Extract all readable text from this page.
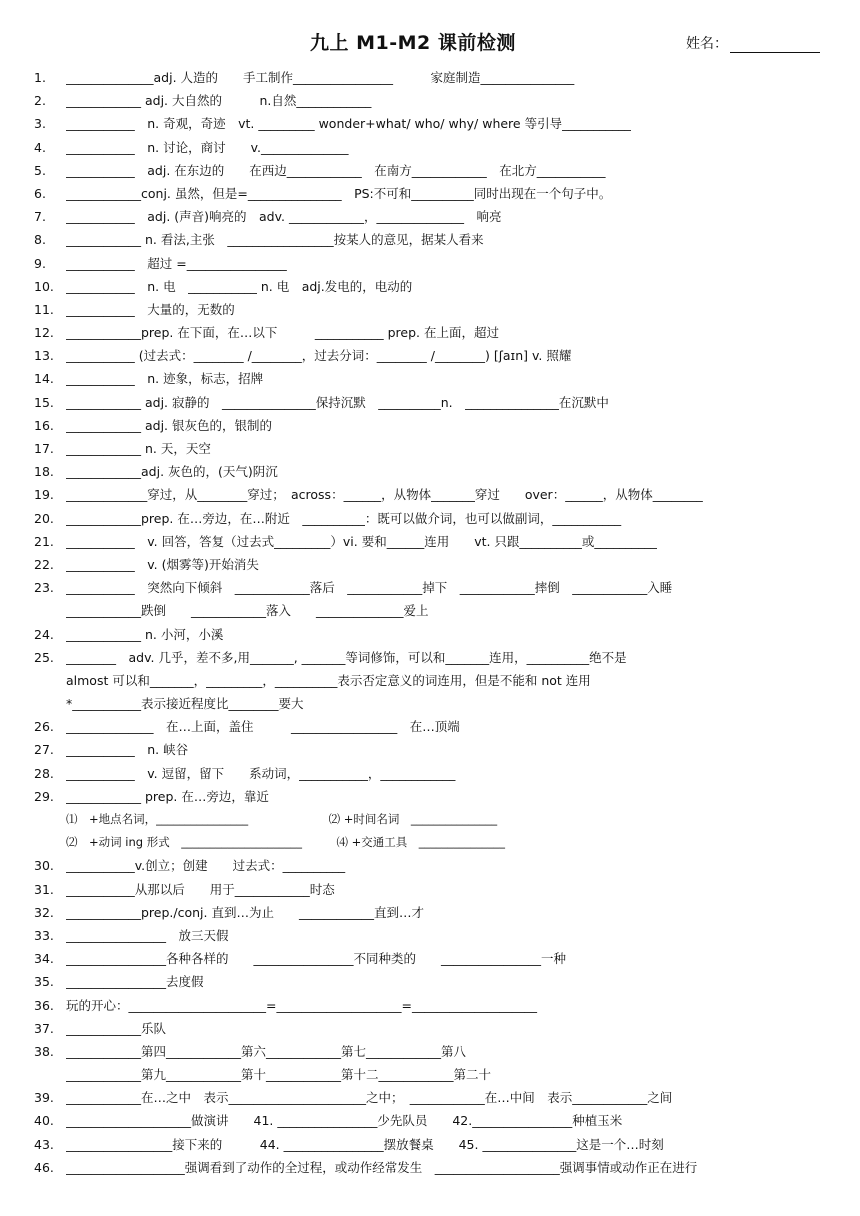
九上 M1-M2 课前检测	姓名：
1.	______________adj. 人造的　　手工制作________________　　　家庭制造_______________
2.	____________ adj. 大自然的　　　n.自然____________
3.	___________　n. 奇观，奇迹　vt. _________ wonder+what/ who/ why/ where 等引导___________
4.	___________　n. 讨论，商讨　　v.______________
5.	___________　adj. 在东边的　　在西边____________　在南方____________　在北方___________
6.	____________conj. 虽然，但是=_______________　PS:不可和__________同时出现在一个句子中。
7.	___________　adj. (声音)响亮的　adv. ____________，______________　响亮
8.	____________ n. 看法,主张　_________________按某人的意见，据某人看来
9.	___________　超过 =________________
10. ___________　n. 电　___________ n. 电　adj.发电的，电动的
11. ___________　大量的，无数的
12. ____________prep. 在下面，在…以下　　　___________ prep. 在上面，超过
13. ___________ (过去式：________ /________，过去分词：________ /________) [ʃaɪn] v. 照耀
14. ___________　n. 迹象，标志，招牌
15. ____________ adj. 寂静的　_______________保持沉默　__________n.　_______________在沉默中
16. ____________ adj. 银灰色的，银制的
17. ____________ n. 天，天空
18. ____________adj. 灰色的，(天气)阴沉
19. _____________穿过，从________穿过；　across：______，从物体_______穿过　　over：______，从物体________
20. ____________prep. 在…旁边，在…附近　__________：既可以做介词，也可以做副词，___________
21. ___________　v. 回答，答复（过去式_________）vi. 要和______连用　　vt. 只跟__________或__________
22. ___________　v. (烟雾等)开始消失
23. ___________　突然向下倾斜　____________落后　____________掉下　____________摔倒　____________入睡
____________跌倒　　____________落入　　______________爱上
24. ____________ n. 小河，小溪
25. ________　adv. 几乎，差不多,用_______, _______等词修饰，可以和_______连用，__________绝不是
almost 可以和_______，_________，__________表示否定意义的词连用，但是不能和 not 连用
*___________表示接近程度比________要大
26. ______________　在…上面，盖住　　　_________________　在…顶端
27. ___________　n. 峡谷
28. ___________　v. 逗留，留下　　系动词，___________，____________
29. ____________ prep. 在…旁边，靠近
⑴　+地点名词，________________　　　　　　　⑵ +时间名词　_______________
⑵　+动词 ing 形式　_____________________　　　⑷ +交通工具　_______________
30. ___________v.创立；创建　　过去式：__________
31. ___________从那以后　　用于____________时态
32. ____________prep./conj. 直到…为止　　____________直到…才
33. ________________　放三天假
34. ________________各种各样的　　________________不同种类的　　________________一种
35. ________________去度假
36. 玩的开心：______________________=____________________=____________________
37. ____________乐队
38. ____________第四____________第六____________第七____________第八
____________第九____________第十____________第十二____________第二十
39. ____________在…之中　表示______________________之中；　____________在…中间　表示____________之间
40. ____________________做演讲　　41. ________________少先队员　　42.________________种植玉米
43. _________________接下来的　　　44. ________________摆放餐桌　　45. _______________这是一个…时刻
46. ___________________强调看到了动作的全过程，或动作经常发生　____________________强调事情或动作正在进行
